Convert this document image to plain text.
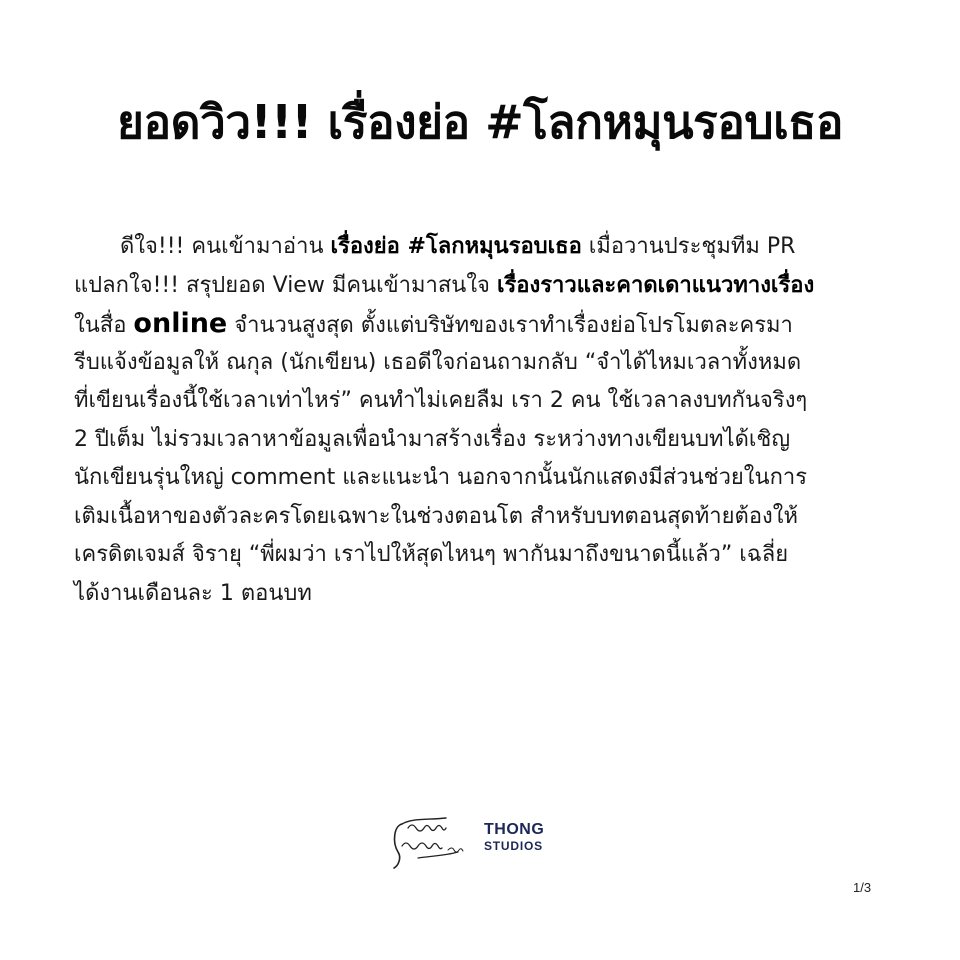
ยอดวิว!!! เรื่องย่อ #โลกหมุนรอบเธอ
ดีใจ!!! คนเข้ามาอ่าน เรื่องย่อ #โลกหมุนรอบเธอ เมื่อวานประชุมทีม PR
แปลกใจ!!! สรุปยอด View มีคนเข้ามาสนใจ เรื่องราวและคาดเดาแนวทางเรื่อง
ในสื่อ online จำนวนสูงสุด ตั้งแต่บริษัทของเราทำเรื่องย่อโปรโมตละครมา
รีบแจ้งข้อมูลให้ ณกุล (นักเขียน) เธอดีใจก่อนถามกลับ “จำได้ไหมเวลาทั้งหมด
ที่เขียนเรื่องนี้ใช้เวลาเท่าไหร่” คนทำไม่เคยลืม เรา 2 คน ใช้เวลาลงบทกันจริงๆ
2 ปีเต็ม ไม่รวมเวลาหาข้อมูลเพื่อนำมาสร้างเรื่อง ระหว่างทางเขียนบทได้เชิญ
นักเขียนรุ่นใหญ่ comment และแนะนำ นอกจากนั้นนักแสดงมีส่วนช่วยในการ
เติมเนื้อหาของตัวละครโดยเฉพาะในช่วงตอนโต สำหรับบทตอนสุดท้ายต้องให้
เครดิตเจมส์ จิรายุ “พี่ผมว่า เราไปให้สุดไหนๆ พากันมาถึงขนาดนี้แล้ว” เฉลี่ย
ได้งานเดือนละ 1 ตอนบท
THONG
STUDIOS
1/3
